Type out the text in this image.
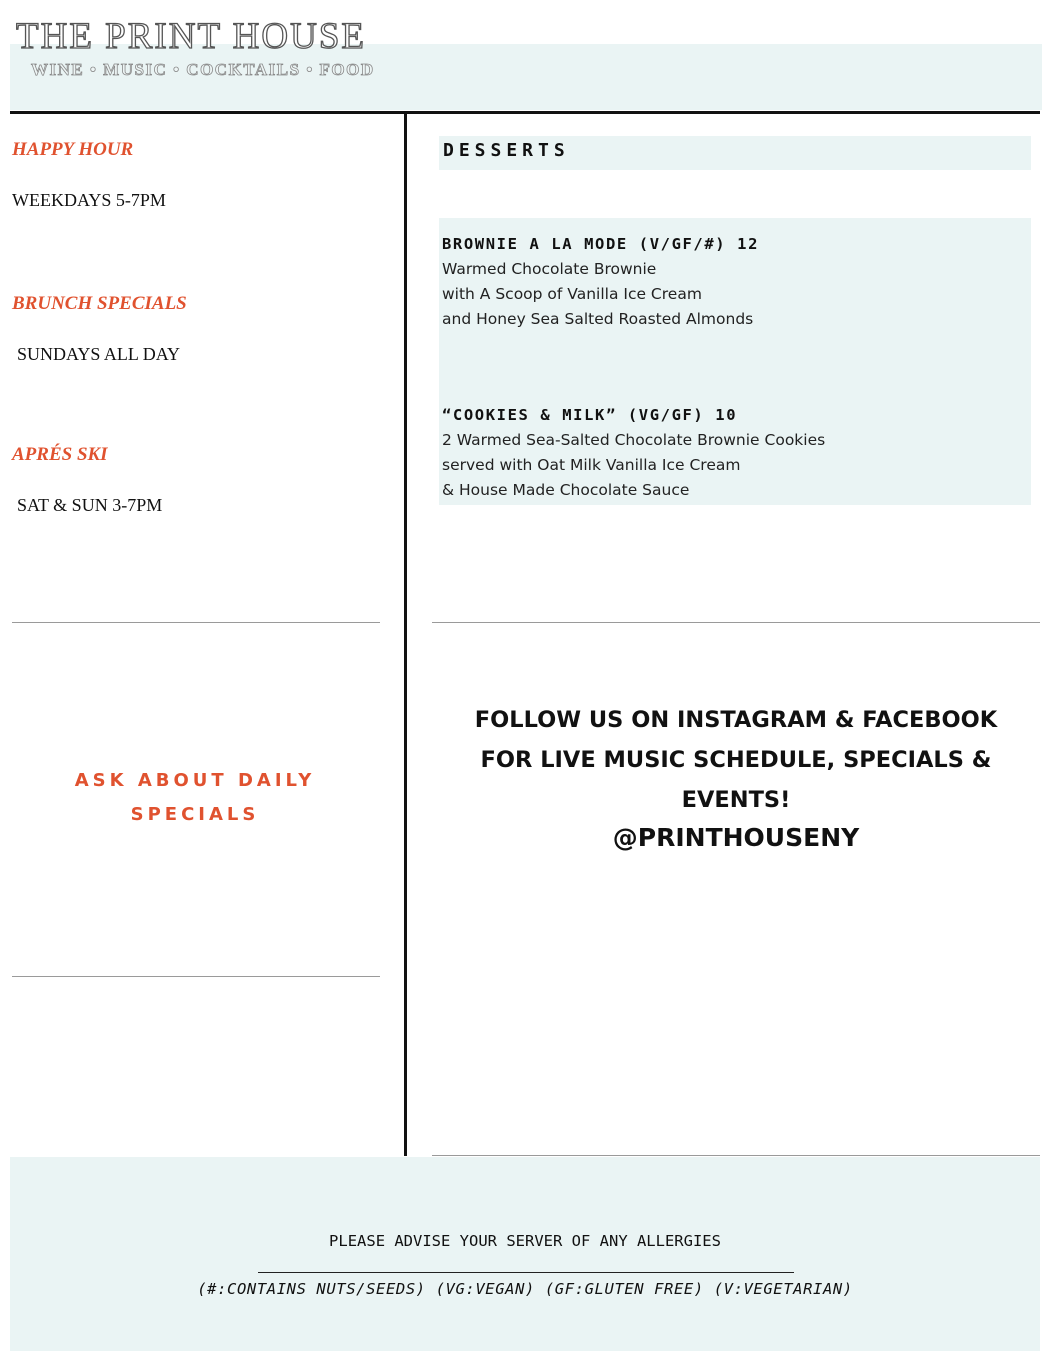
THE PRINT HOUSE
WINE • MUSIC • COCKTAILS • FOOD
HAPPY HOUR
WEEKDAYS 5-7PM
BRUNCH SPECIALS
SUNDAYS ALL DAY
APRÉS SKI
SAT & SUN 3-7PM
ASK ABOUT DAILY
SPECIALS
DESSERTS
BROWNIE A LA MODE (V/GF/#) 12
Warmed Chocolate Brownie
with A Scoop of Vanilla Ice Cream
and Honey Sea Salted Roasted Almonds
“COOKIES & MILK” (VG/GF) 10
2 Warmed Sea-Salted Chocolate Brownie Cookies
served with Oat Milk Vanilla Ice Cream
& House Made Chocolate Sauce
FOLLOW US ON INSTAGRAM & FACEBOOK
FOR LIVE MUSIC SCHEDULE, SPECIALS &
EVENTS!
@PRINTHOUSENY
PLEASE ADVISE YOUR SERVER OF ANY ALLERGIES
(#:CONTAINS NUTS/SEEDS) (VG:VEGAN) (GF:GLUTEN FREE) (V:VEGETARIAN)
